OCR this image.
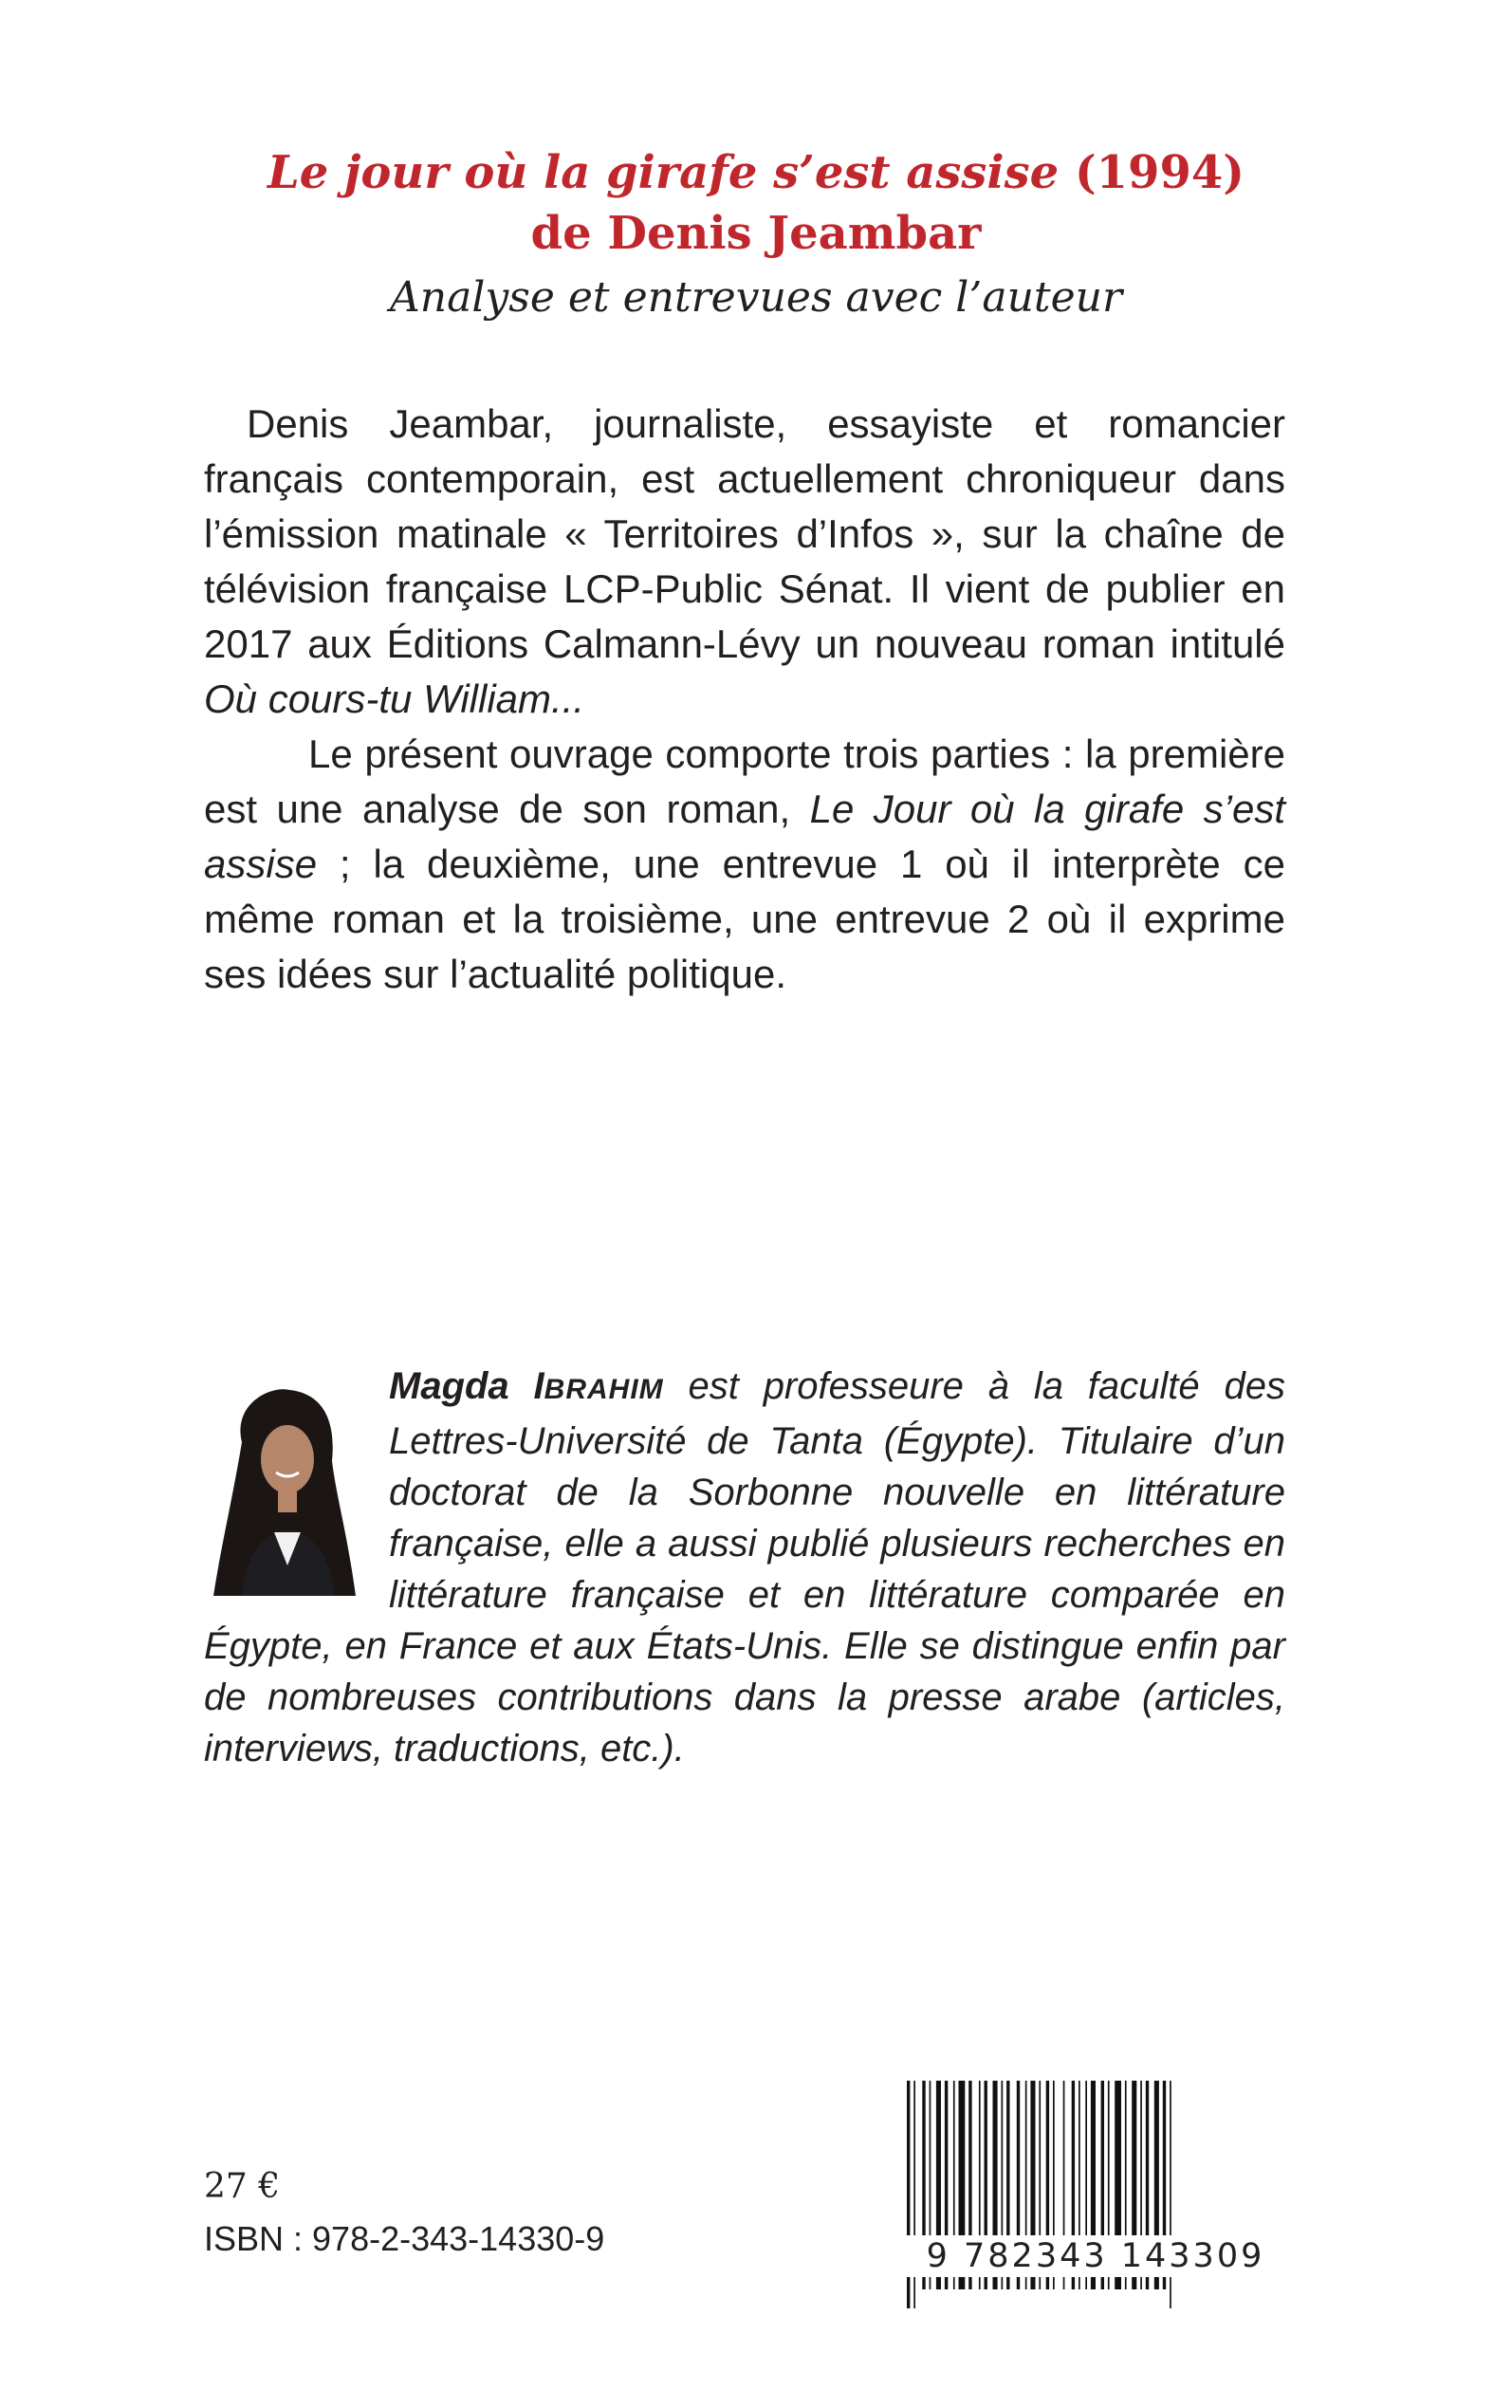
Le jour où la girafe s’est assise (1994)
de Denis Jeambar
Analyse et entrevues avec l’auteur

Denis Jeambar, journaliste, essayiste et romancier français contemporain, est actuellement chroniqueur dans l’émission matinale « Territoires d’Infos », sur la chaîne de télévision française LCP-Public Sénat. Il vient de publier en 2017 aux Éditions Calmann-Lévy un nouveau roman intitulé Où cours-tu William...

Le présent ouvrage comporte trois parties : la première est une analyse de son roman, Le Jour où la girafe s’est assise ; la deuxième, une entrevue 1 où il interprète ce même roman et la troisième, une entrevue 2 où il exprime ses idées sur l’actualité politique.

Magda IBRAHIM est professeure à la faculté des Lettres-Université de Tanta (Égypte). Titulaire d’un doctorat de la Sorbonne nouvelle en littérature française, elle a aussi publié plusieurs recherches en littérature française et en littérature comparée en Égypte, en France et aux États-Unis. Elle se distingue enfin par de nombreuses contributions dans la presse arabe (articles, interviews, traductions, etc.).
27 €
ISBN : 978-2-343-14330-9	9 782343 143309
